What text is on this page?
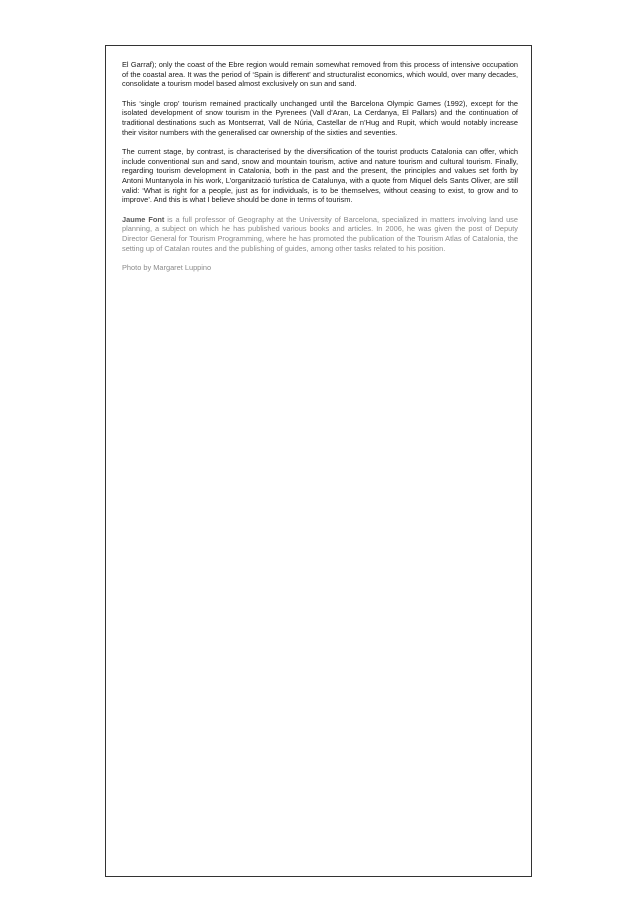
El Garraf); only the coast of the Ebre region would remain somewhat removed from this process of intensive occupation of the coastal area. It was the period of ‘Spain is different’ and structuralist economics, which would, over many decades, consolidate a tourism model based almost exclusively on sun and sand.

This ‘single crop’ tourism remained practically unchanged until the Barcelona Olympic Games (1992), except for the isolated development of snow tourism in the Pyrenees (Vall d’Aran, La Cerdanya, El Pallars) and the continuation of traditional destinations such as Montserrat, Vall de Núria, Castellar de n’Hug and Rupit, which would notably increase their visitor numbers with the generalised car ownership of the sixties and seventies.

The current stage, by contrast, is characterised by the diversification of the tourist products Catalonia can offer, which include conventional sun and sand, snow and mountain tourism, active and nature tourism and cultural tourism. Finally, regarding tourism development in Catalonia, both in the past and the present, the principles and values set forth by Antoni Muntanyola in his work, L’organització turística de Catalunya, with a quote from Miquel dels Sants Oliver, are still valid: ‘What is right for a people, just as for individuals, is to be themselves, without ceasing to exist, to grow and to improve’. And this is what I believe should be done in terms of tourism.

Jaume Font is a full professor of Geography at the University of Barcelona, specialized in matters involving land use planning, a subject on which he has published various books and articles. In 2006, he was given the post of Deputy Director General for Tourism Programming, where he has promoted the publication of the Tourism Atlas of Catalonia, the setting up of Catalan routes and the publishing of guides, among other tasks related to his position.

Photo by Margaret Luppino
